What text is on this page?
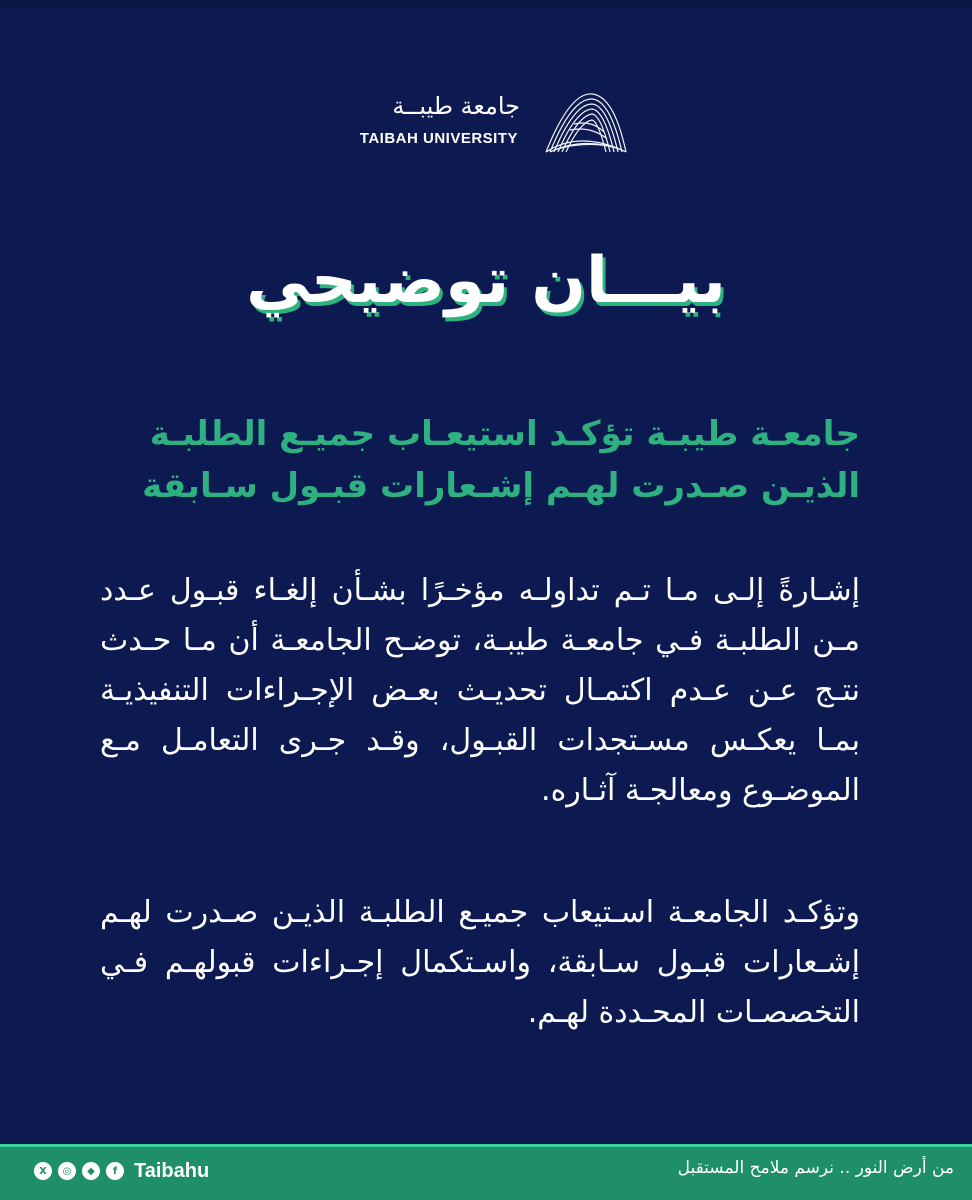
جامعة طيبــة
TAIBAH UNIVERSITY
بيـــان توضيحي
جامعـة طيبـة تؤكـد استيعـاب جميـع الطلبـة
الذيـن صـدرت لهـم إشـعارات قبـول سـابقة
إشـارةً إلـى مـا تـم تداولـه مؤخـرًا بشـأن إلغـاء قبـول عـدد مـن الطلبـة فـي جامعـة طيبـة، توضـح الجامعـة أن مـا حـدث نتـج عـن عـدم اكتمـال تحديـث بعـض الإجـراءات التنفيذيـة بمـا يعكـس مسـتجدات القبـول، وقـد جـرى التعامـل مـع الموضـوع ومعالجـة آثـاره.
وتؤكـد الجامعـة اسـتيعاب جميـع الطلبـة الذيـن صـدرت لهـم إشـعارات قبـول سـابقة، واسـتكمال إجـراءات قبولهـم فـي التخصصـات المحـددة لهـم.
X	◎	◆	f Taibahu	من أرض النور .. نرسم ملامح المستقبل
